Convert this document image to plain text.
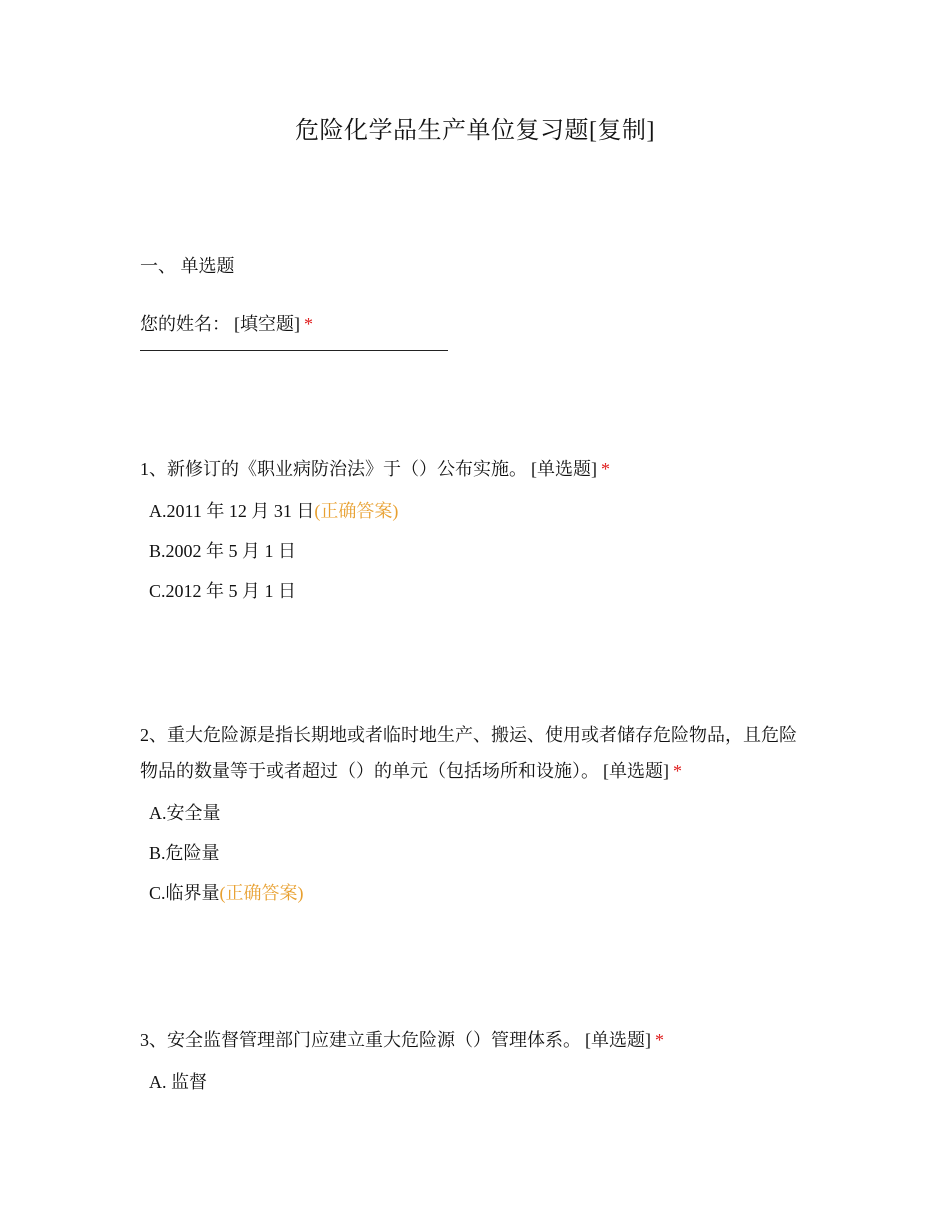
危险化学品生产单位复习题[复制]
一、 单选题
您的姓名： [填空题] *
1、新修订的《职业病防治法》于（）公布实施。 [单选题] *
A.2011 年 12 月 31 日(正确答案)
B.2002 年 5 月 1 日
C.2012 年 5 月 1 日
2、重大危险源是指长期地或者临时地生产、搬运、使用或者储存危险物品，且危险物品的数量等于或者超过（）的单元（包括场所和设施）。 [单选题] *
A.安全量
B.危险量
C.临界量(正确答案)
3、安全监督管理部门应建立重大危险源（）管理体系。 [单选题] *
A. 监督
